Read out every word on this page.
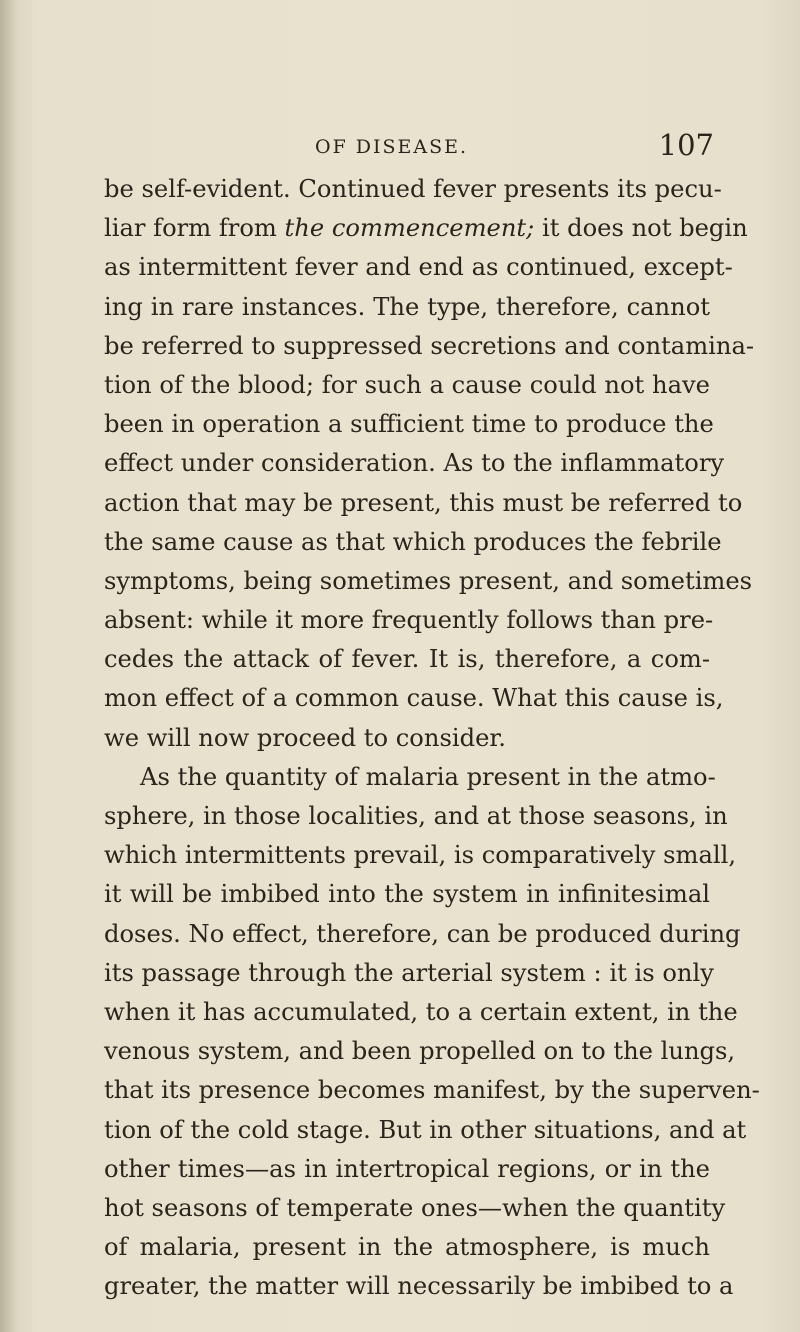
OF DISEASE.	107
be self-evident. Continued fever presents its pecu-
liar form from the commencement; it does not begin
as intermittent fever and end as continued, except-
ing in rare instances. The type, therefore, cannot
be referred to suppressed secretions and contamina-
tion of the blood; for such a cause could not have
been in operation a sufficient time to produce the
effect under consideration. As to the inflammatory
action that may be present, this must be referred to
the same cause as that which produces the febrile
symptoms, being sometimes present, and sometimes
absent: while it more frequently follows than pre-
cedes the attack of fever. It is, therefore, a com-
mon effect of a common cause. What this cause is,
we will now proceed to consider.
As the quantity of malaria present in the atmo-
sphere, in those localities, and at those seasons, in
which intermittents prevail, is comparatively small,
it will be imbibed into the system in infinitesimal
doses. No effect, therefore, can be produced during
its passage through the arterial system : it is only
when it has accumulated, to a certain extent, in the
venous system, and been propelled on to the lungs,
that its presence becomes manifest, by the superven-
tion of the cold stage. But in other situations, and at
other times—as in intertropical regions, or in the
hot seasons of temperate ones—when the quantity
of malaria, present in the atmosphere, is much
greater, the matter will necessarily be imbibed to a
